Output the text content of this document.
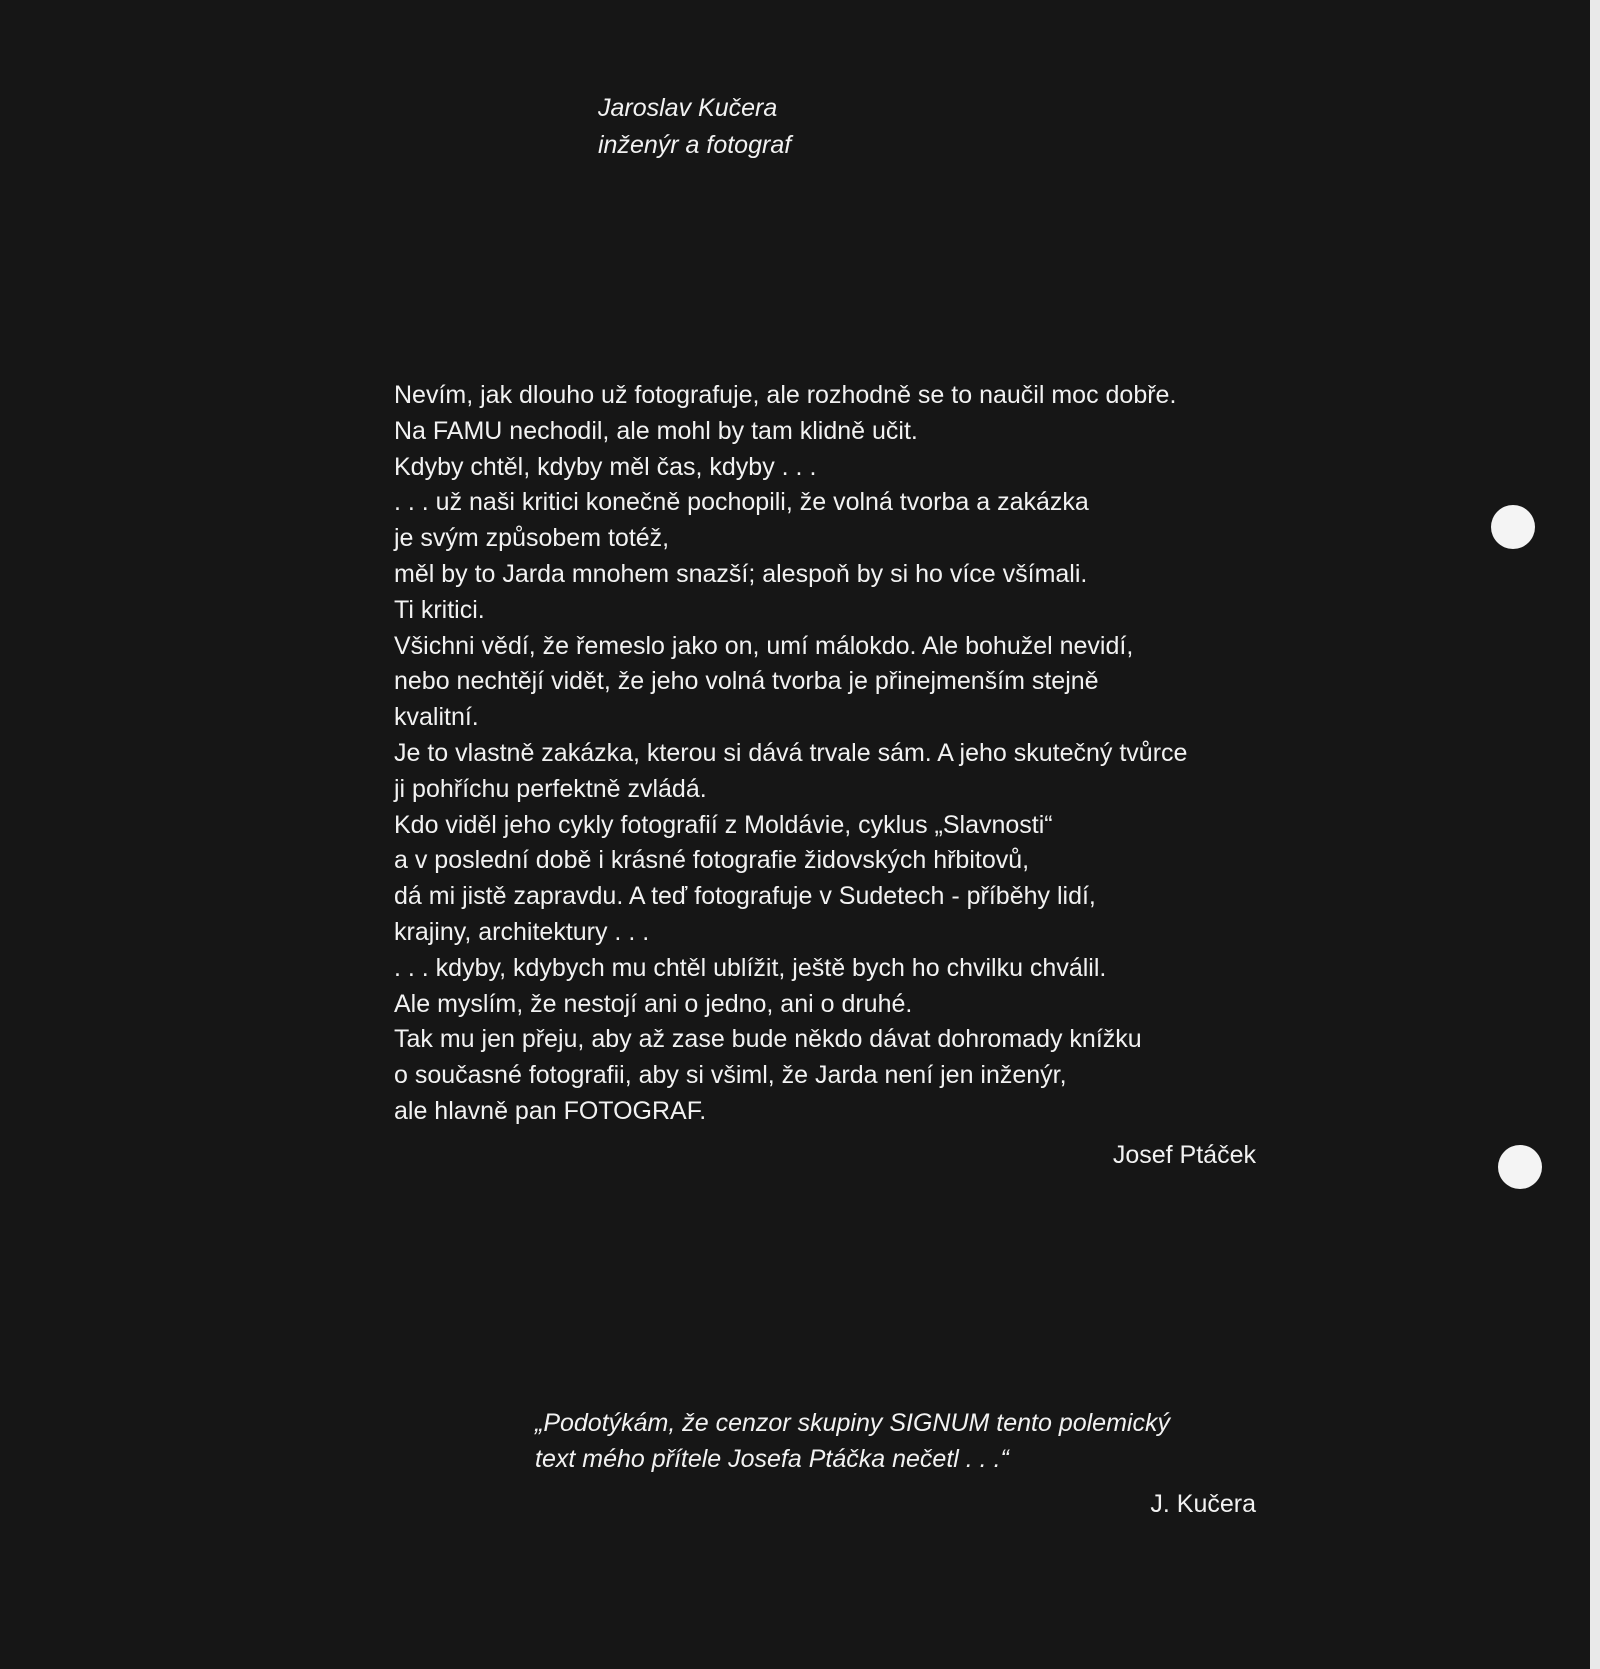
Jaroslav Kučera
inženýr a fotograf
Nevím, jak dlouho už fotografuje, ale rozhodně se to naučil moc dobře.
Na FAMU nechodil, ale mohl by tam klidně učit.
Kdyby chtěl, kdyby měl čas, kdyby . . .
. . . už naši kritici konečně pochopili, že volná tvorba a zakázka
je svým způsobem totéž,
měl by to Jarda mnohem snazší; alespoň by si ho více všímali.
Ti kritici.
Všichni vědí, že řemeslo jako on, umí málokdo. Ale bohužel nevidí,
nebo nechtějí vidět, že jeho volná tvorba je přinejmenším stejně
kvalitní.
Je to vlastně zakázka, kterou si dává trvale sám. A jeho skutečný tvůrce
ji pohříchu perfektně zvládá.
Kdo viděl jeho cykly fotografií z Moldávie, cyklus „Slavnosti“
a v poslední době i krásné fotografie židovských hřbitovů,
dá mi jistě zapravdu. A teď fotografuje v Sudetech - příběhy lidí,
krajiny, architektury . . .
. . . kdyby, kdybych mu chtěl ublížit, ještě bych ho chvilku chválil.
Ale myslím, že nestojí ani o jedno, ani o druhé.
Tak mu jen přeju, aby až zase bude někdo dávat dohromady knížku
o současné fotografii, aby si všiml, že Jarda není jen inženýr,
ale hlavně pan FOTOGRAF.
Josef Ptáček
„Podotýkám, že cenzor skupiny SIGNUM tento polemický
text mého přítele Josefa Ptáčka nečetl . . .“
J. Kučera
